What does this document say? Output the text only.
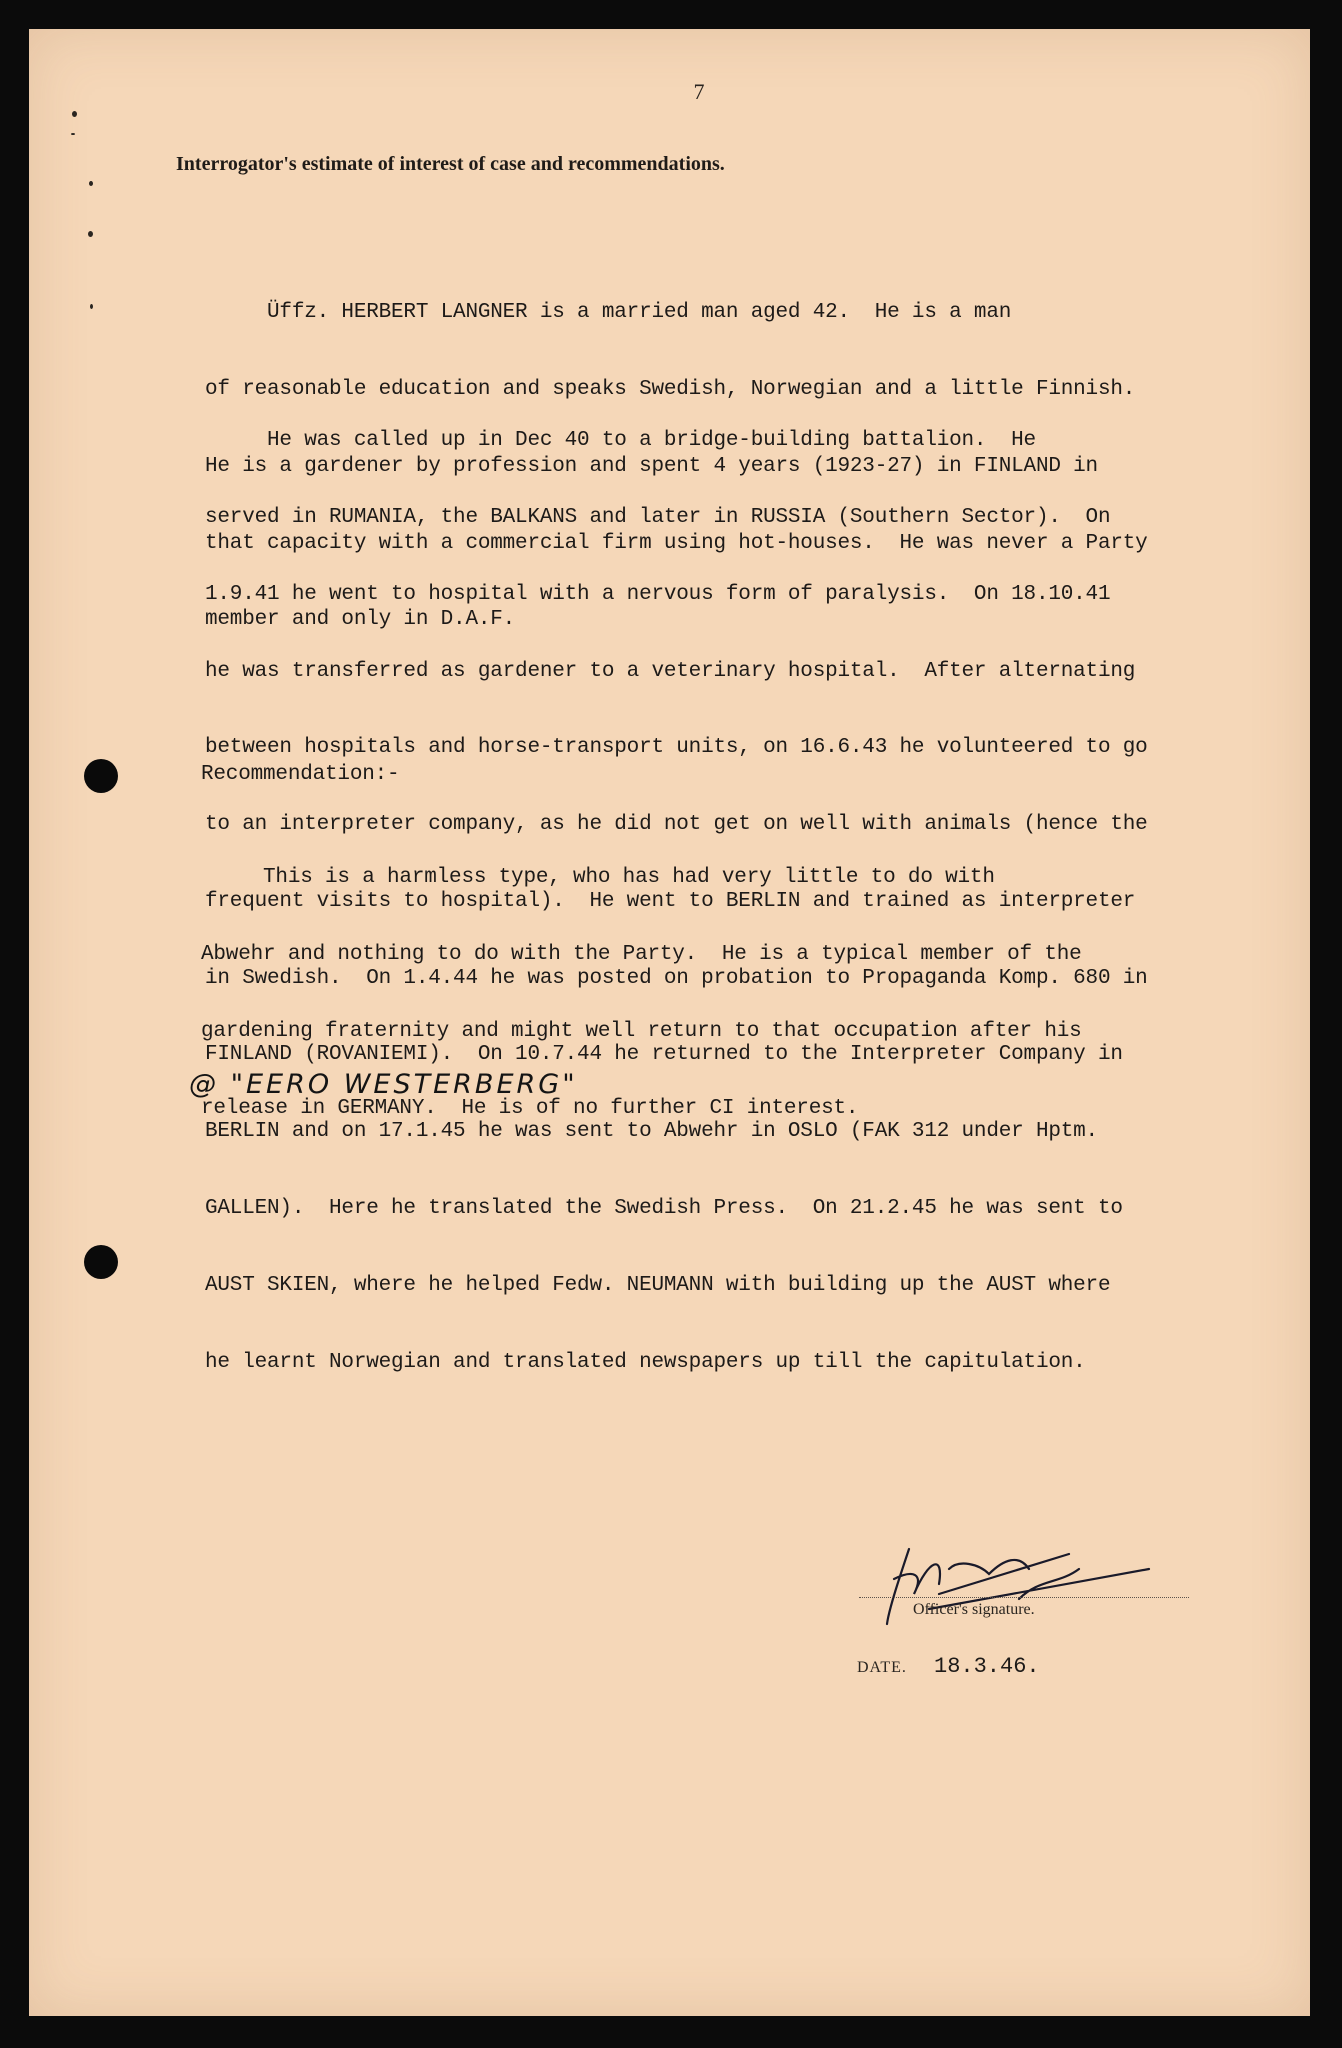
7
Interrogator's estimate of interest of case and recommendations.

Üffz. HERBERT LANGNER is a married man aged 42.  He is a man

of reasonable education and speaks Swedish, Norwegian and a little Finnish.

He is a gardener by profession and spent 4 years (1923-27) in FINLAND in

that capacity with a commercial firm using hot-houses.  He was never a Party

member and only in D.A.F.

He was called up in Dec 40 to a bridge-building battalion.  He

served in RUMANIA, the BALKANS and later in RUSSIA (Southern Sector).  On

1.9.41 he went to hospital with a nervous form of paralysis.  On 18.10.41

he was transferred as gardener to a veterinary hospital.  After alternating

between hospitals and horse-transport units, on 16.6.43 he volunteered to go

to an interpreter company, as he did not get on well with animals (hence the

frequent visits to hospital).  He went to BERLIN and trained as interpreter

in Swedish.  On 1.4.44 he was posted on probation to Propaganda Komp. 680 in

FINLAND (ROVANIEMI).  On 10.7.44 he returned to the Interpreter Company in

BERLIN and on 17.1.45 he was sent to Abwehr in OSLO (FAK 312 under Hptm.

GALLEN).  Here he translated the Swedish Press.  On 21.2.45 he was sent to

AUST SKIEN, where he helped Fedw. NEUMANN with building up the AUST where

he learnt Norwegian and translated newspapers up till the capitulation.

Recommendation:-

This is a harmless type, who has had very little to do with

Abwehr and nothing to do with the Party.  He is a typical member of the

gardening fraternity and might well return to that occupation after his

release in GERMANY.  He is of no further CI interest.

@ "EERO WESTERBERG"
Officer's signature.
DATE. 18.3.46.
